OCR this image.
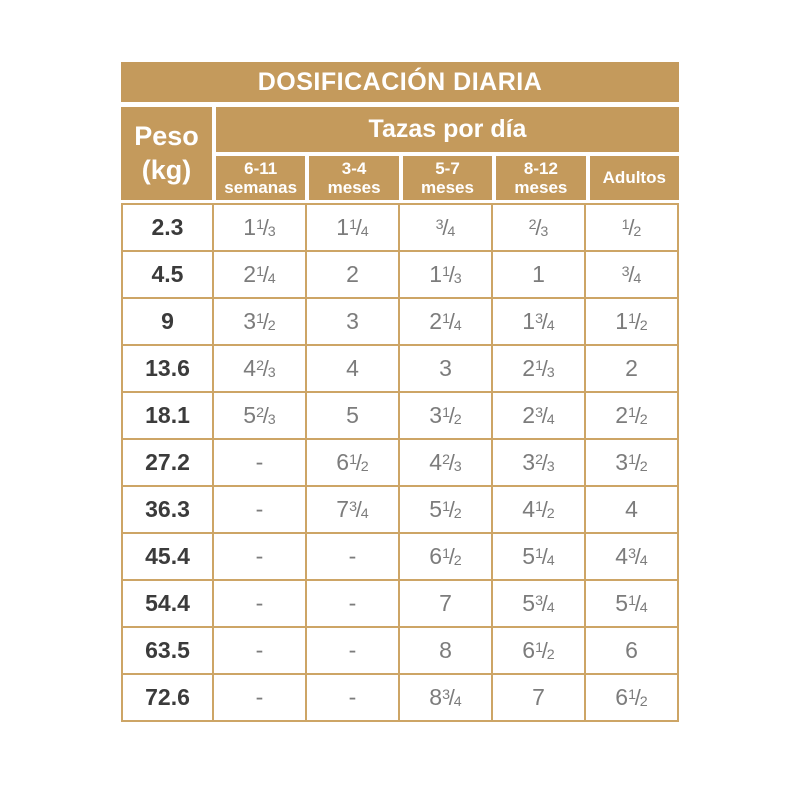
DOSIFICACIÓN DIARIA
Peso
(kg)
Tazas por día
6-11
semanas
3-4
meses
5-7
meses
8-12
meses
Adultos
2.3	$1^1/_3$	$1^1/_4$	$^3/_4$	$^2/_3$	$^1/_2$
4.5	$2^1/_4$	2	$1^1/_3$	1	$^3/_4$
9	$3^1/_2$	3	$2^1/_4$	$1^3/_4$	$1^1/_2$
13.6	$4^2/_3$	4	3	$2^1/_3$	2
18.1	$5^2/_3$	5	$3^1/_2$	$2^3/_4$	$2^1/_2$
27.2	-	$6^1/_2$	$4^2/_3$	$3^2/_3$	$3^1/_2$
36.3	-	$7^3/_4$	$5^1/_2$	$4^1/_2$	4
45.4	-	-	$6^1/_2$	$5^1/_4$	$4^3/_4$
54.4	-	-	7	$5^3/_4$	$5^1/_4$
63.5	-	-	8	$6^1/_2$	6
72.6	-	-	$8^3/_4$	7	$6^1/_2$
